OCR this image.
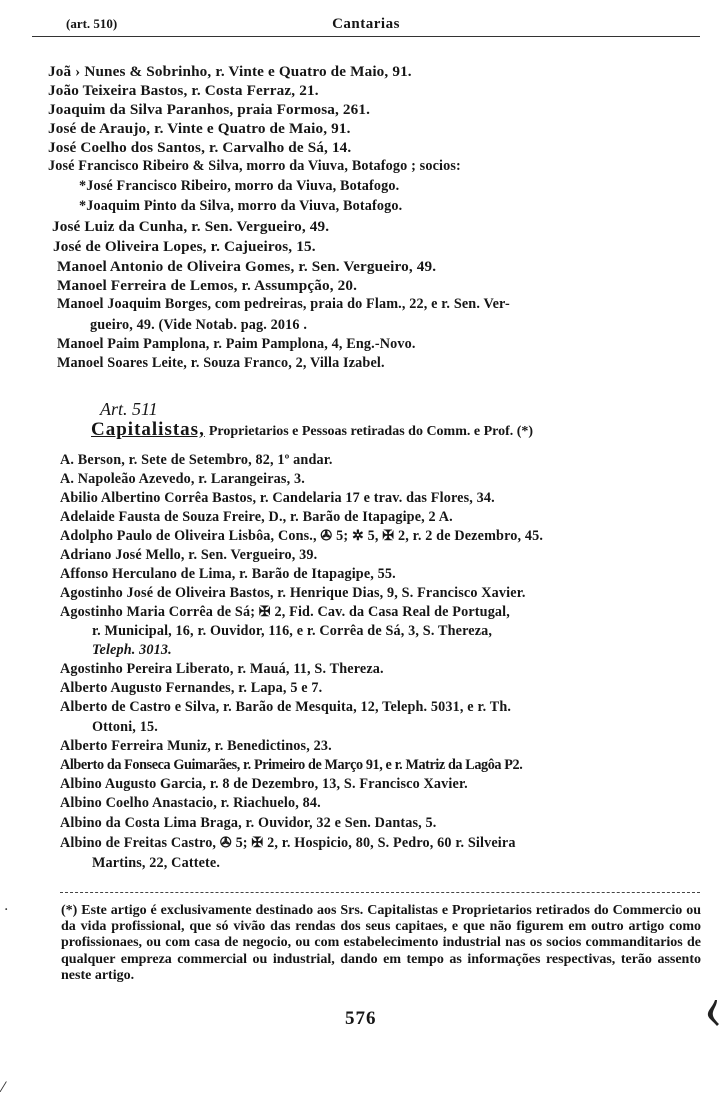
(art. 510)	Cantarias
Joã › Nunes & Sobrinho, r. Vinte e Quatro de Maio, 91.
João Teixeira Bastos, r. Costa Ferraz, 21.
Joaquim da Silva Paranhos, praia Formosa, 261.
José de Araujo, r. Vinte e Quatro de Maio, 91.
José Coelho dos Santos, r. Carvalho de Sá, 14.
José Francisco Ribeiro & Silva, morro da Viuva, Botafogo ; socios:
*José Francisco Ribeiro, morro da Viuva, Botafogo.
*Joaquim Pinto da Silva, morro da Viuva, Botafogo.
José Luiz da Cunha, r. Sen. Vergueiro, 49.
José de Oliveira Lopes, r. Cajueiros, 15.
Manoel Antonio de Oliveira Gomes, r. Sen. Vergueiro, 49.
Manoel Ferreira de Lemos, r. Assumpção, 20.
Manoel Joaquim Borges, com pedreiras, praia do Flam., 22, e r. Sen. Ver-
gueiro, 49. (Vide Notab. pag. 2016 .
Manoel Paim Pamplona, r. Paim Pamplona, 4, Eng.-Novo.
Manoel Soares Leite, r. Souza Franco, 2, Villa Izabel.
Art. 511
Capitalistas, Proprietarios e Pessoas retiradas do Comm. e Prof. (*)
A. Berson, r. Sete de Setembro, 82, 1º andar.
A. Napoleão Azevedo, r. Larangeiras, 3.
Abilio Albertino Corrêa Bastos, r. Candelaria 17 e trav. das Flores, 34.
Adelaide Fausta de Souza Freire, D., r. Barão de Itapagipe, 2 A.
Adolpho Paulo de Oliveira Lisbôa, Cons., ✇ 5; ✲ 5, ✠ 2, r. 2 de Dezembro, 45.
Adriano José Mello, r. Sen. Vergueiro, 39.
Affonso Herculano de Lima, r. Barão de Itapagipe, 55.
Agostinho José de Oliveira Bastos, r. Henrique Dias, 9, S. Francisco Xavier.
Agostinho Maria Corrêa de Sá; ✠ 2, Fid. Cav. da Casa Real de Portugal,
r. Municipal, 16, r. Ouvidor, 116, e r. Corrêa de Sá, 3, S. Thereza,
Teleph. 3013.
Agostinho Pereira Liberato, r. Mauá, 11, S. Thereza.
Alberto Augusto Fernandes, r. Lapa, 5 e 7.
Alberto de Castro e Silva, r. Barão de Mesquita, 12, Teleph. 5031, e r. Th.
Ottoni, 15.
Alberto Ferreira Muniz, r. Benedictinos, 23.
Alberto da Fonseca Guimarães, r. Primeiro de Março 91, e r. Matriz da Lagôa P2.
Albino Augusto Garcia, r. 8 de Dezembro, 13, S. Francisco Xavier.
Albino Coelho Anastacio, r. Riachuelo, 84.
Albino da Costa Lima Braga, r. Ouvidor, 32 e Sen. Dantas, 5.
Albino de Freitas Castro, ✇ 5; ✠ 2, r. Hospicio, 80, S. Pedro, 60 r. Silveira
Martins, 22, Cattete.
(*) Este artigo é exclusivamente destinado aos Srs. Capitalistas e Proprietarios retirados do Commercio ou da vida profissional, que só vivão das rendas dos seus capitaes, e que não figurem em outro artigo como profissionaes, ou com casa de negocio, ou com estabelecimento industrial nas os socios commanditarios de qualquer empreza commercial ou industrial, dando em tempo as informações respectivas, terão assento neste artigo.
576
·
⁄
